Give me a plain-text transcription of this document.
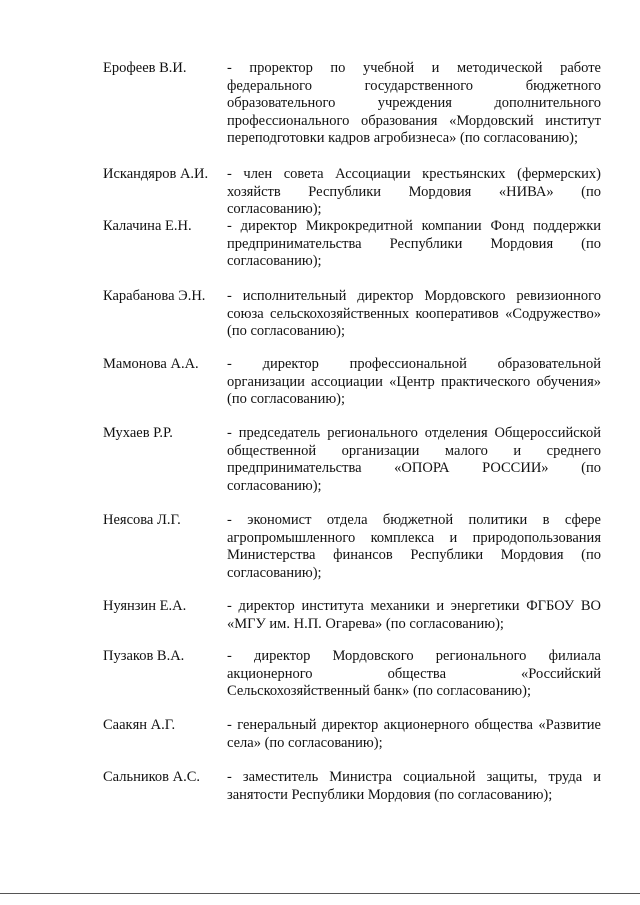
Ерофеев В.И.	- проректор по учебной и методической работе федерального государственного бюджетного образовательного учреждения дополнительного профессионального образования «Мордовский институт переподготовки кадров агробизнеса» (по согласованию);
Искандяров А.И.	- член совета Ассоциации крестьянских (фермерских) хозяйств Республики Мордовия «НИВА» (по согласованию);
Калачина Е.Н.	- директор Микрокредитной компании Фонд поддержки предпринимательства Республики Мордовия (по согласованию);
Карабанова Э.Н.	- исполнительный директор Мордовского ревизионного союза сельскохозяйственных кооперативов «Содружество» (по согласованию);
Мамонова А.А.	- директор профессиональной образовательной организации ассоциации «Центр практического обучения» (по согласованию);
Мухаев Р.Р.	- председатель регионального отделения Общероссийской общественной организации малого и среднего предпринимательства «ОПОРА РОССИИ» (по согласованию);
Неясова Л.Г.	- экономист отдела бюджетной политики в сфере агропромышленного комплекса и природопользования Министерства финансов Республики Мордовия (по согласованию);
Нуянзин Е.А.	- директор института механики и энергетики ФГБОУ ВО «МГУ им. Н.П. Огарева» (по согласованию);
Пузаков В.А.	- директор Мордовского регионального филиала акционерного общества «Российский Сельскохозяйственный банк» (по согласованию);
Саакян А.Г.	- генеральный директор акционерного общества «Развитие села» (по согласованию);
Сальников А.С.	- заместитель Министра социальной защиты, труда и занятости Республики Мордовия (по согласованию);
